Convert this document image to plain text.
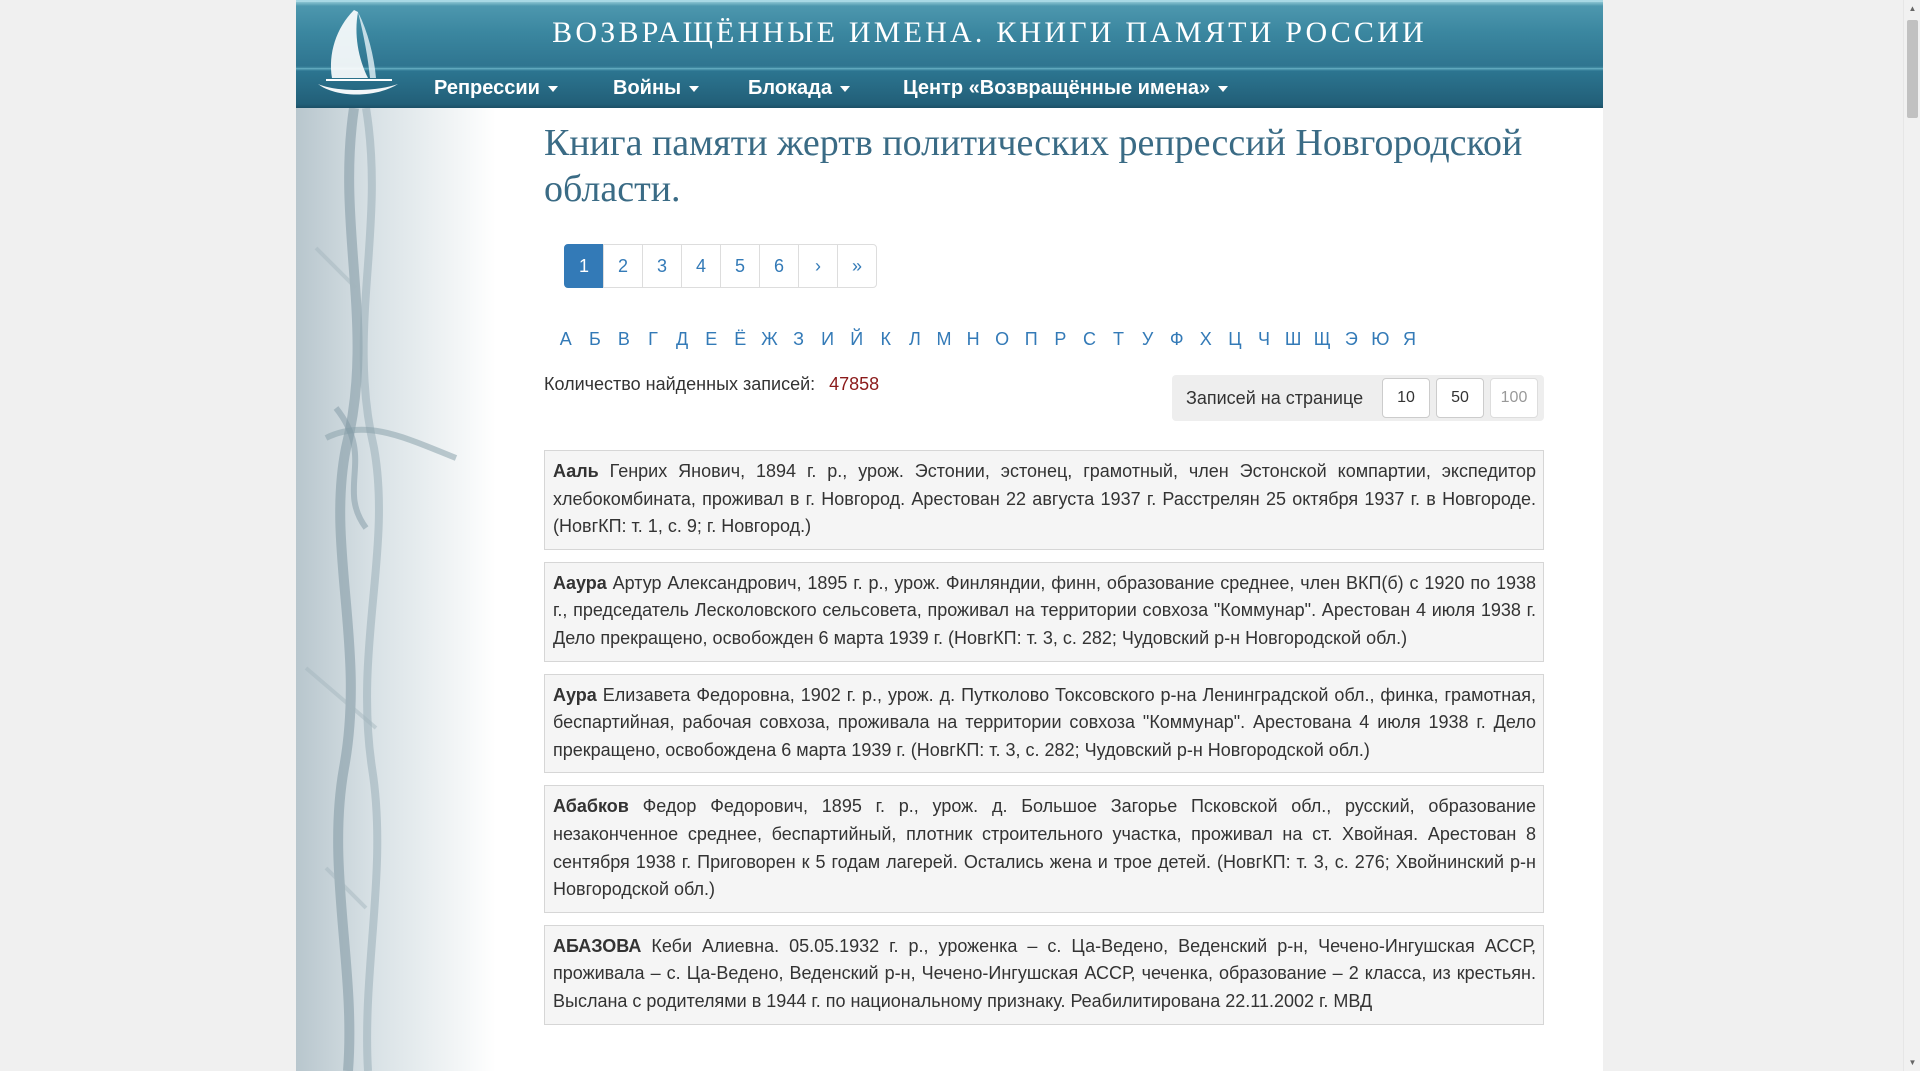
ВОЗВРАЩЁННЫЕ ИМЕНА. КНИГИ ПАМЯТИ РОССИИ
Репрессии	Войны	Блокада	Центр «Возвращённые имена»
Книга памяти жертв политических репрессий Новгородской области.
1	2	3	4	5	6	›	»
А Б В Г Д Е Ё Ж З И Й К Л М Н О П Р С Т У Ф Х Ц Ч Ш Щ Э Ю Я
Количество найденных записей: 47858
Записей на странице	10	50	100
Ааль Генрих Янович, 1894 г. р., урож. Эстонии, эстонец, грамотный, член Эстонской компартии, экспедитор хлебокомбината, проживал в г. Новгород. Арестован 22 августа 1937 г. Расстрелян 25 октября 1937 г. в Новгороде. (НовгКП: т. 1, с. 9; г. Новгород.)
Аaура Артур Александрович, 1895 г. р., урож. Финляндии, финн, образование среднее, член ВКП(б) с 1920 по 1938 г., председатель Лесколовского сельсовета, проживал на территории совхоза "Коммунар". Арестован 4 июля 1938 г. Дело прекращено, освобожден 6 марта 1939 г. (НовгКП: т. 3, с. 282; Чудовский р-н Новгородской обл.)
Аура Елизавета Федоровна, 1902 г. р., урож. д. Путколово Токсовского р-на Ленинградской обл., финка, грамотная, беспартийная, рабочая совхоза, проживала на территории совхоза "Коммунар". Арестована 4 июля 1938 г. Дело прекращено, освобождена 6 марта 1939 г. (НовгКП: т. 3, с. 282; Чудовский р-н Новгородской обл.)
Абабков Федор Федорович, 1895 г. р., урож. д. Большое Загорье Псковской обл., русский, образование незаконченное среднее, беспартийный, плотник строительного участка, проживал на ст. Хвойная. Арестован 8 сентября 1938 г. Приговорен к 5 годам лагерей. Остались жена и трое детей. (НовгКП: т. 3, с. 276; Хвойнинский р-н Новгородской обл.)
АБАЗОВА Кеби Алиевна. 05.05.1932 г. р., уроженка – с. Ца-Ведено, Веденский р-н, Чечено-Ингушская АССР, проживала – с. Ца-Ведено, Веденский р-н, Чечено-Ингушская АССР, чеченка, образование – 2 класса, из крестьян. Выслана с родителями в 1944 г. по национальному признаку. Реабилитирована 22.11.2002 г. МВД
▲
▼
